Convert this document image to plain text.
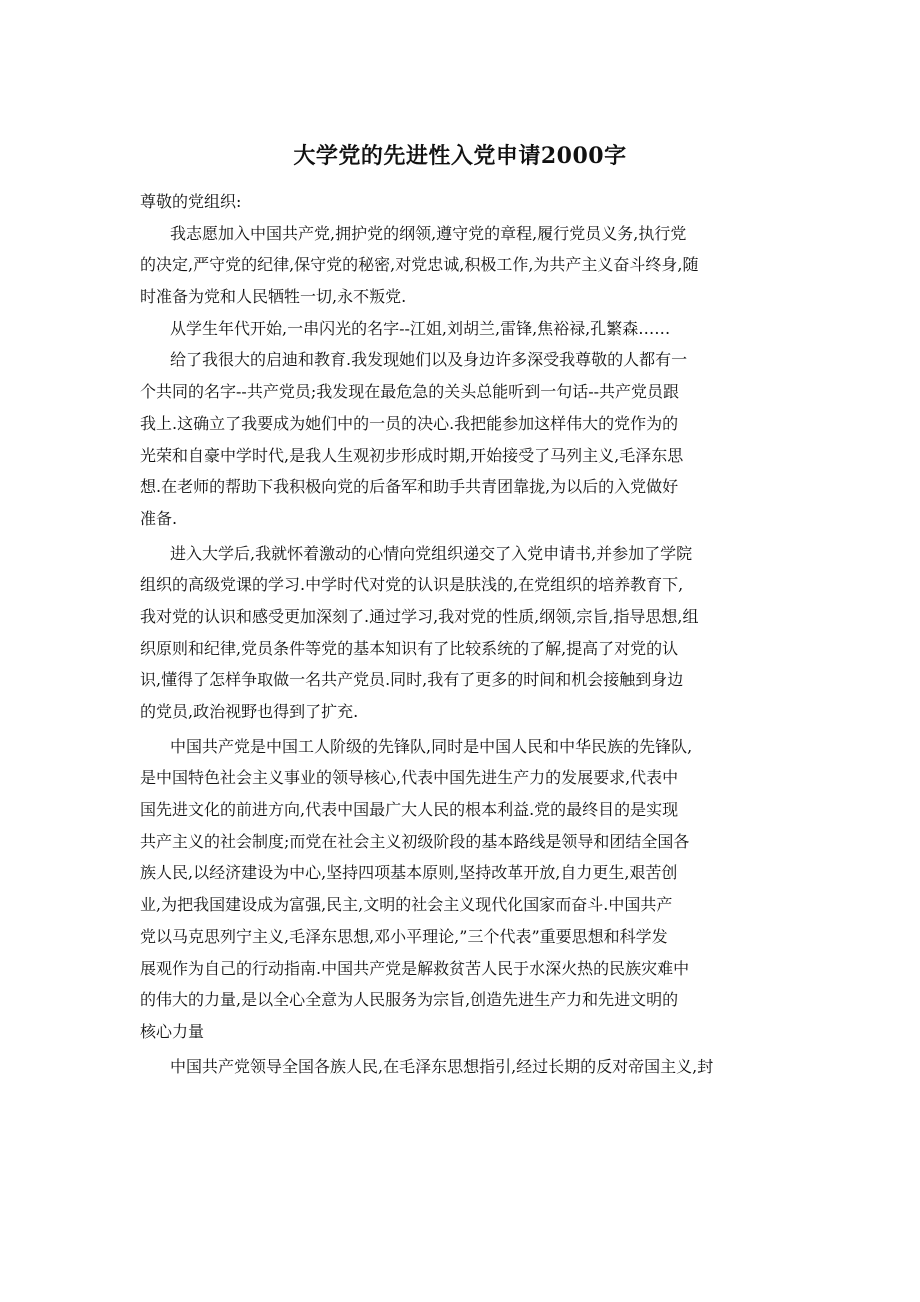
大学党的先进性入党申请2000字
尊敬的党组织:
我志愿加入中国共产党,拥护党的纲领,遵守党的章程,履行党员义务,执行党
的决定,严守党的纪律,保守党的秘密,对党忠诚,积极工作,为共产主义奋斗终身,随
时准备为党和人民牺牲一切,永不叛党.
从学生年代开始,一串闪光的名字--江姐,刘胡兰,雷锋,焦裕禄,孔繁森……
给了我很大的启迪和教育.我发现她们以及身边许多深受我尊敬的人都有一
个共同的名字--共产党员;我发现在最危急的关头总能听到一句话--共产党员跟
我上.这确立了我要成为她们中的一员的决心.我把能参加这样伟大的党作为的
光荣和自豪中学时代,是我人生观初步形成时期,开始接受了马列主义,毛泽东思
想.在老师的帮助下我积极向党的后备军和助手共青团靠拢,为以后的入党做好
准备.
进入大学后,我就怀着激动的心情向党组织递交了入党申请书,并参加了学院
组织的高级党课的学习.中学时代对党的认识是肤浅的,在党组织的培养教育下,
我对党的认识和感受更加深刻了.通过学习,我对党的性质,纲领,宗旨,指导思想,组
织原则和纪律,党员条件等党的基本知识有了比较系统的了解,提高了对党的认
识,懂得了怎样争取做一名共产党员.同时,我有了更多的时间和机会接触到身边
的党员,政治视野也得到了扩充.
中国共产党是中国工人阶级的先锋队,同时是中国人民和中华民族的先锋队,
是中国特色社会主义事业的领导核心,代表中国先进生产力的发展要求,代表中
国先进文化的前进方向,代表中国最广大人民的根本利益.党的最终目的是实现
共产主义的社会制度;而党在社会主义初级阶段的基本路线是领导和团结全国各
族人民,以经济建设为中心,坚持四项基本原则,坚持改革开放,自力更生,艰苦创
业,为把我国建设成为富强,民主,文明的社会主义现代化国家而奋斗.中国共产
党以马克思列宁主义,毛泽东思想,邓小平理论,”三个代表”重要思想和科学发
展观作为自己的行动指南.中国共产党是解救贫苦人民于水深火热的民族灾难中
的伟大的力量,是以全心全意为人民服务为宗旨,创造先进生产力和先进文明的
核心力量
中国共产党领导全国各族人民,在毛泽东思想指引,经过长期的反对帝国主义,封
